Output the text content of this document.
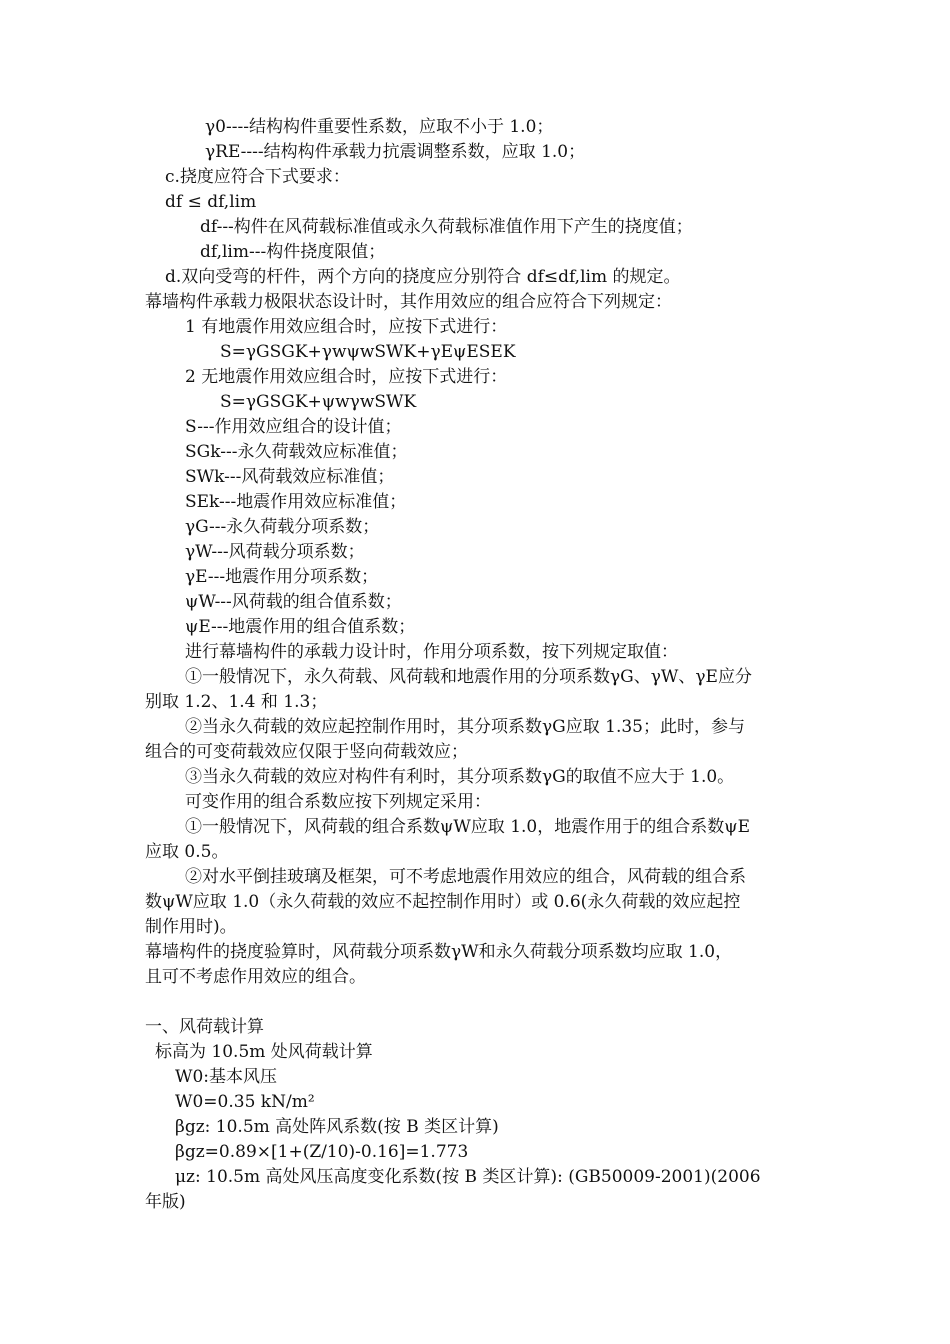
γ0----结构构件重要性系数，应取不小于 1.0；
γRE----结构构件承载力抗震调整系数，应取 1.0；
c.挠度应符合下式要求：
df ≤ df,lim
df---构件在风荷载标准值或永久荷载标准值作用下产生的挠度值；
df,lim---构件挠度限值；
d.双向受弯的杆件，两个方向的挠度应分别符合 df≤df,lim 的规定。
幕墙构件承载力极限状态设计时，其作用效应的组合应符合下列规定：
1 有地震作用效应组合时，应按下式进行：
S=γGSGK+γwψwSWK+γEψESEK
2 无地震作用效应组合时，应按下式进行：
S=γGSGK+ψwγwSWK
S---作用效应组合的设计值；
SGk---永久荷载效应标准值；
SWk---风荷载效应标准值；
SEk---地震作用效应标准值；
γG---永久荷载分项系数；
γW---风荷载分项系数；
γE---地震作用分项系数；
ψW---风荷载的组合值系数；
ψE---地震作用的组合值系数；
进行幕墙构件的承载力设计时，作用分项系数，按下列规定取值：
①一般情况下，永久荷载、风荷载和地震作用的分项系数γG、γW、γE应分
别取 1.2、1.4 和 1.3；
②当永久荷载的效应起控制作用时，其分项系数γG应取 1.35；此时，参与
组合的可变荷载效应仅限于竖向荷载效应；
③当永久荷载的效应对构件有利时，其分项系数γG的取值不应大于 1.0。
可变作用的组合系数应按下列规定采用：
①一般情况下，风荷载的组合系数ψW应取 1.0，地震作用于的组合系数ψE
应取 0.5。
②对水平倒挂玻璃及框架，可不考虑地震作用效应的组合，风荷载的组合系
数ψW应取 1.0（永久荷载的效应不起控制作用时）或 0.6(永久荷载的效应起控
制作用时)。
幕墙构件的挠度验算时，风荷载分项系数γW和永久荷载分项系数均应取 1.0，
且可不考虑作用效应的组合。
一、风荷载计算
标高为 10.5m 处风荷载计算
W0:基本风压
W0=0.35 kN/m²
βgz: 10.5m 高处阵风系数(按 B 类区计算)
βgz=0.89×[1+(Z/10)-0.16]=1.773
μz: 10.5m 高处风压高度变化系数(按 B 类区计算): (GB50009-2001)(2006
年版)
